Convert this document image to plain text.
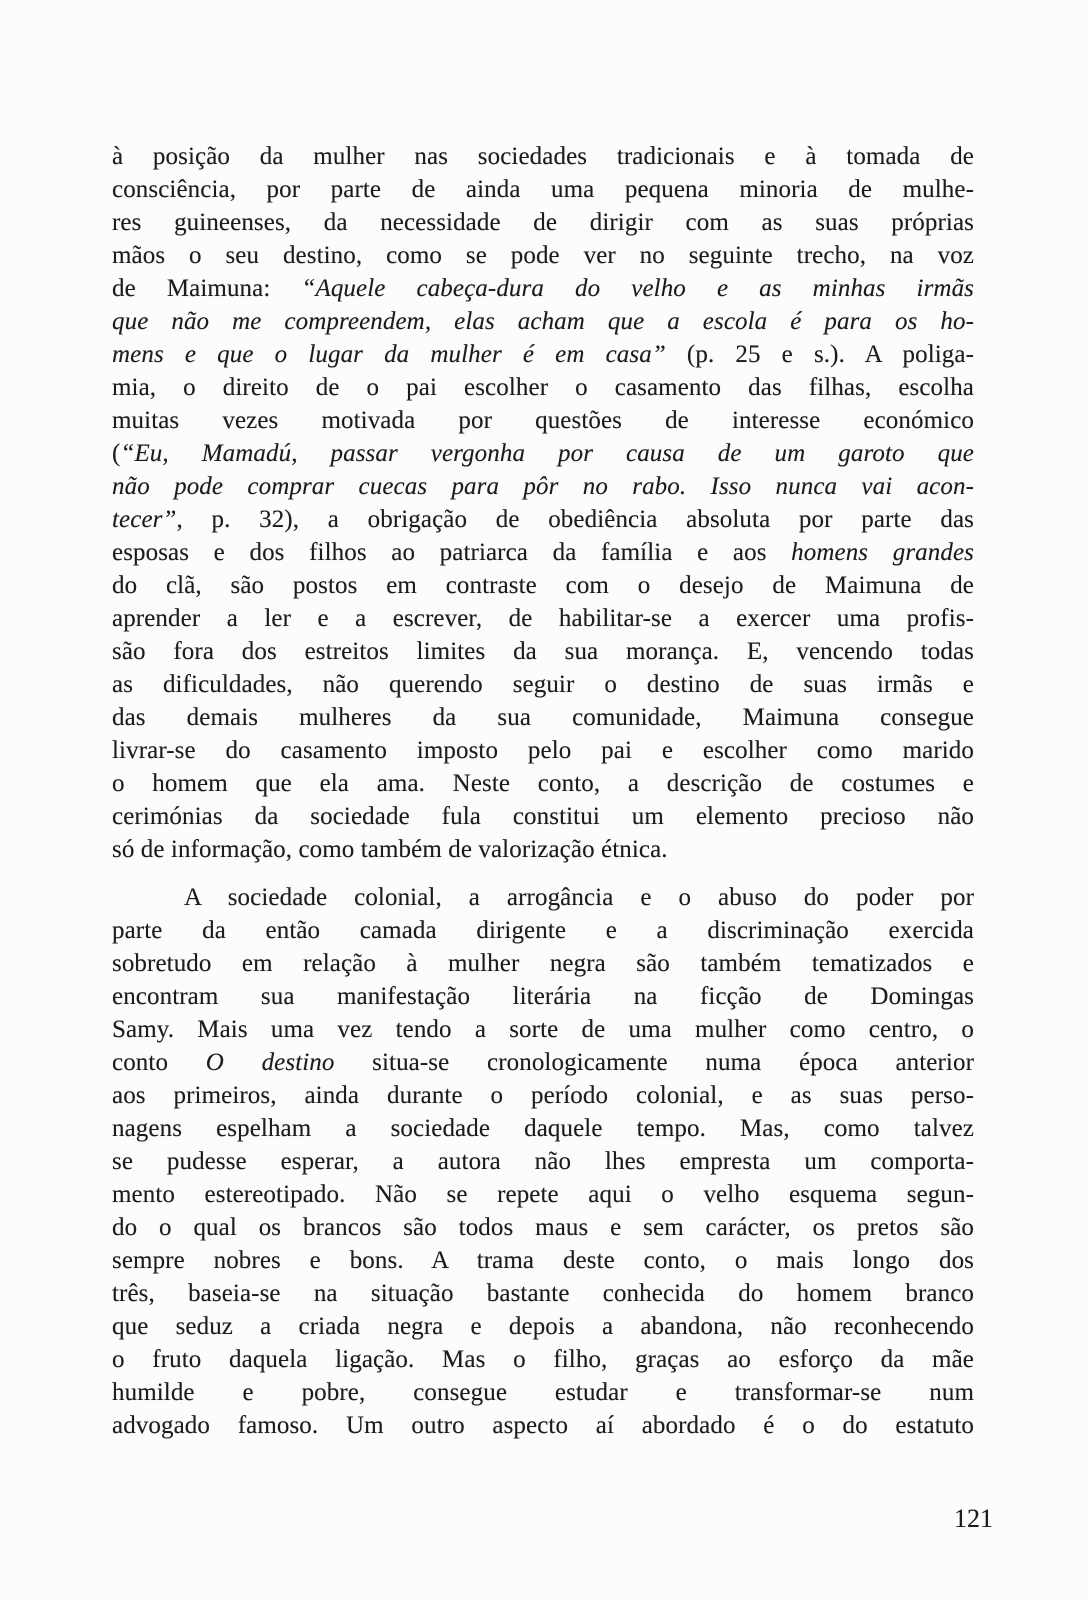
à posição da mulher nas sociedades tradicionais e à tomada de
consciência, por parte de ainda uma pequena minoria de mulhe-
res guineenses, da necessidade de dirigir com as suas próprias
mãos o seu destino, como se pode ver no seguinte trecho, na voz
de Maimuna: “Aquele cabeça-dura do velho e as minhas irmãs
que não me compreendem, elas acham que a escola é para os ho-
mens e que o lugar da mulher é em casa” (p. 25 e s.). A poliga-
mia, o direito de o pai escolher o casamento das filhas, escolha
muitas vezes motivada por questões de interesse económico
(“Eu, Mamadú, passar vergonha por causa de um garoto que
não pode comprar cuecas para pôr no rabo. Isso nunca vai acon-
tecer”, p. 32), a obrigação de obediência absoluta por parte das
esposas e dos filhos ao patriarca da família e aos homens grandes
do clã, são postos em contraste com o desejo de Maimuna de
aprender a ler e a escrever, de habilitar-se a exercer uma profis-
são fora dos estreitos limites da sua morança. E, vencendo todas
as dificuldades, não querendo seguir o destino de suas irmãs e
das demais mulheres da sua comunidade, Maimuna consegue
livrar-se do casamento imposto pelo pai e escolher como marido
o homem que ela ama. Neste conto, a descrição de costumes e
cerimónias da sociedade fula constitui um elemento precioso não
só de informação, como também de valorização étnica.
A sociedade colonial, a arrogância e o abuso do poder por
parte da então camada dirigente e a discriminação exercida
sobretudo em relação à mulher negra são também tematizados e
encontram sua manifestação literária na ficção de Domingas
Samy. Mais uma vez tendo a sorte de uma mulher como centro, o
conto O destino situa-se cronologicamente numa época anterior
aos primeiros, ainda durante o período colonial, e as suas perso-
nagens espelham a sociedade daquele tempo. Mas, como talvez
se pudesse esperar, a autora não lhes empresta um comporta-
mento estereotipado. Não se repete aqui o velho esquema segun-
do o qual os brancos são todos maus e sem carácter, os pretos são
sempre nobres e bons. A trama deste conto, o mais longo dos
três, baseia-se na situação bastante conhecida do homem branco
que seduz a criada negra e depois a abandona, não reconhecendo
o fruto daquela ligação. Mas o filho, graças ao esforço da mãe
humilde e pobre, consegue estudar e transformar-se num
advogado famoso. Um outro aspecto aí abordado é o do estatuto
121
